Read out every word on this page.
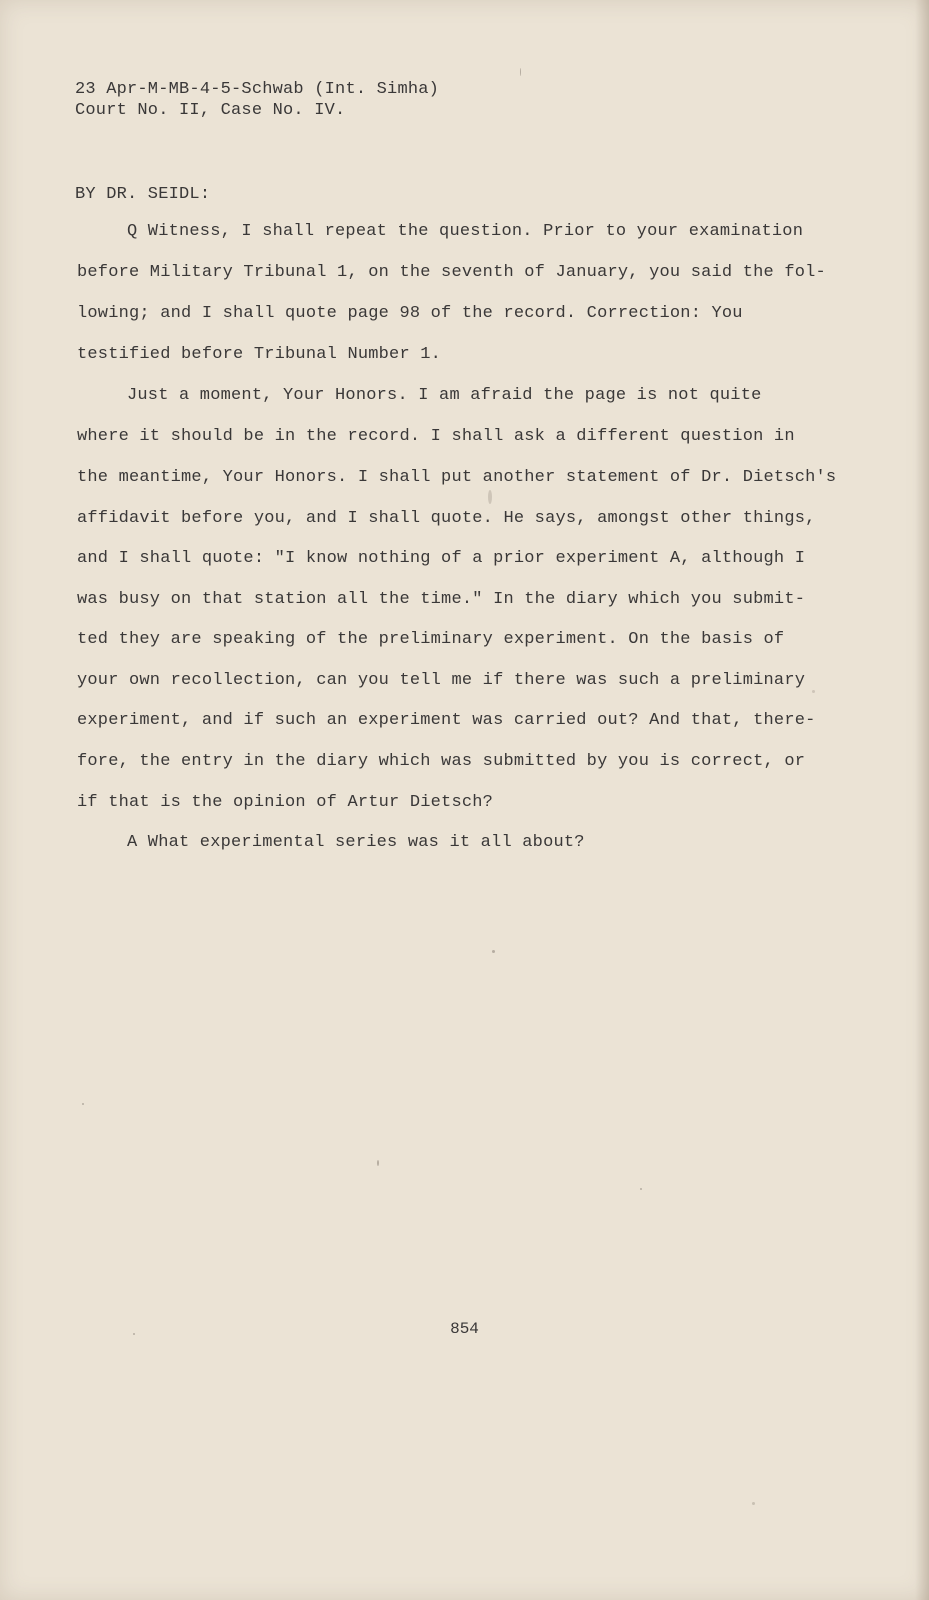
23 Apr-M-MB-4-5-Schwab (Int. Simha)
Court No. II, Case No. IV.
BY DR. SEIDL:
Q Witness, I shall repeat the question. Prior to your examination
before Military Tribunal 1, on the seventh of January, you said the fol-
lowing; and I shall quote page 98 of the record. Correction: You
testified before Tribunal Number 1.
Just a moment, Your Honors. I am afraid the page is not quite
where it should be in the record. I shall ask a different question in
the meantime, Your Honors. I shall put another statement of Dr. Dietsch's
affidavit before you, and I shall quote. He says, amongst other things,
and I shall quote: "I know nothing of a prior experiment A, although I
was busy on that station all the time." In the diary which you submit-
ted they are speaking of the preliminary experiment. On the basis of
your own recollection, can you tell me if there was such a preliminary
experiment, and if such an experiment was carried out? And that, there-
fore, the entry in the diary which was submitted by you is correct, or
if that is the opinion of Artur Dietsch?
A What experimental series was it all about?
854
